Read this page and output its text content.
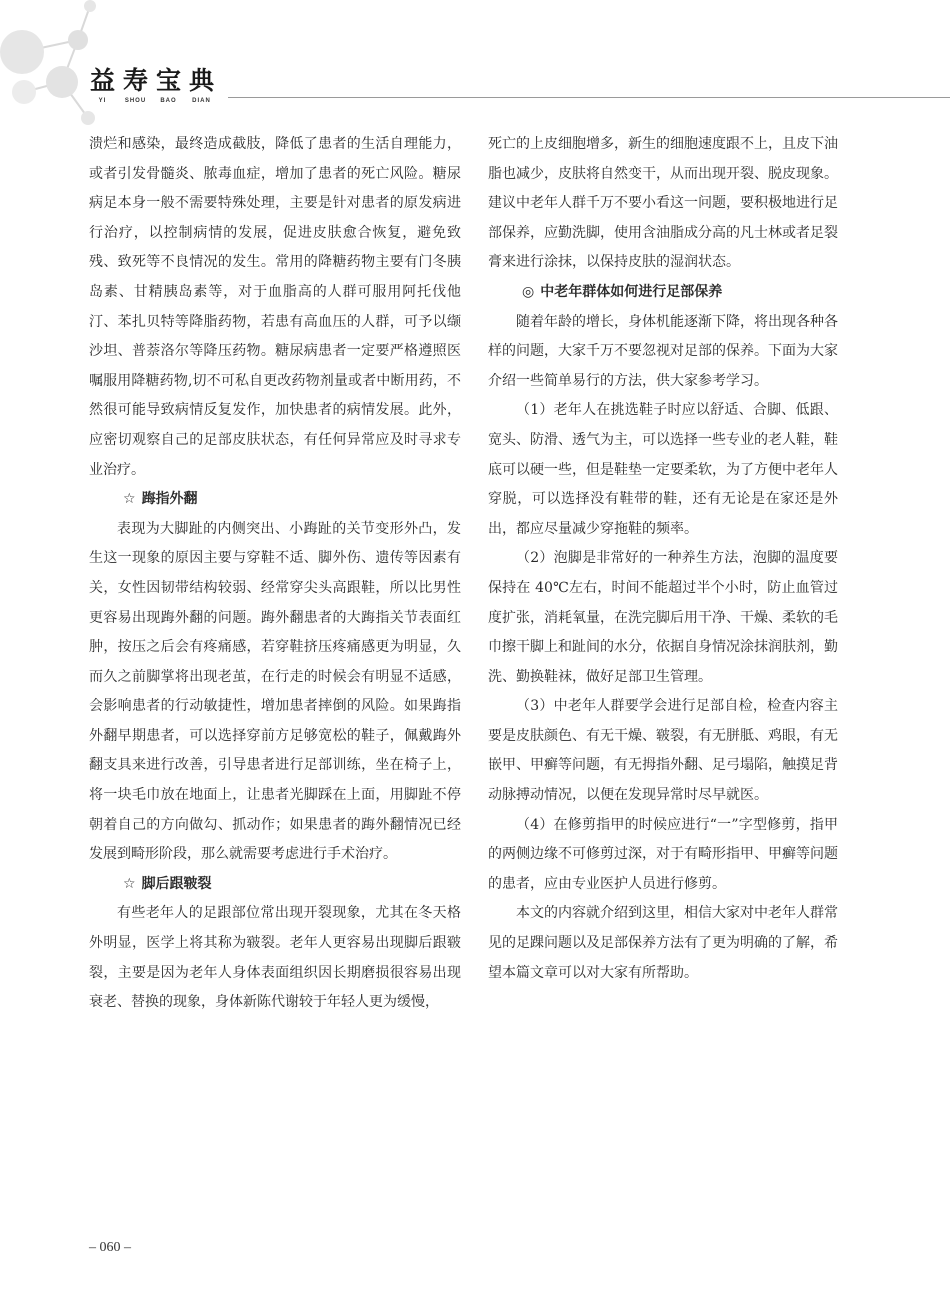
益 寿 宝 典
YI	SHOU	BAO	DIAN

溃烂和感染，最终造成截肢，降低了患者的生活自理能力，或者引发骨髓炎、脓毒血症，增加了患者的死亡风险。糖尿病足本身一般不需要特殊处理，主要是针对患者的原发病进行治疗，以控制病情的发展，促进皮肤愈合恢复，避免致残、致死等不良情况的发生。常用的降糖药物主要有门冬胰岛素、甘精胰岛素等，对于血脂高的人群可服用阿托伐他汀、苯扎贝特等降脂药物，若患有高血压的人群，可予以缬沙坦、普萘洛尔等降压药物。糖尿病患者一定要严格遵照医嘱服用降糖药物,切不可私自更改药物剂量或者中断用药，不然很可能导致病情反复发作，加快患者的病情发展。此外，应密切观察自己的足部皮肤状态，有任何异常应及时寻求专业治疗。

☆ 踇指外翻

表现为大脚趾的内侧突出、小踇趾的关节变形外凸，发生这一现象的原因主要与穿鞋不适、脚外伤、遗传等因素有关，女性因韧带结构较弱、经常穿尖头高跟鞋，所以比男性更容易出现踇外翻的问题。踇外翻患者的大踇指关节表面红肿，按压之后会有疼痛感，若穿鞋挤压疼痛感更为明显，久而久之前脚掌将出现老茧，在行走的时候会有明显不适感，会影响患者的行动敏捷性，增加患者摔倒的风险。如果踇指外翻早期患者，可以选择穿前方足够宽松的鞋子，佩戴踇外翻支具来进行改善，引导患者进行足部训练，坐在椅子上，将一块毛巾放在地面上，让患者光脚踩在上面，用脚趾不停朝着自己的方向做勾、抓动作；如果患者的踇外翻情况已经发展到畸形阶段，那么就需要考虑进行手术治疗。

☆ 脚后跟皲裂

有些老年人的足跟部位常出现开裂现象，尤其在冬天格外明显，医学上将其称为皲裂。老年人更容易出现脚后跟皲裂，主要是因为老年人身体表面组织因长期磨损很容易出现衰老、替换的现象，身体新陈代谢较于年轻人更为缓慢，

死亡的上皮细胞增多，新生的细胞速度跟不上，且皮下油脂也减少，皮肤将自然变干，从而出现开裂、脱皮现象。建议中老年人群千万不要小看这一问题，要积极地进行足部保养，应勤洗脚，使用含油脂成分高的凡士林或者足裂膏来进行涂抹，以保持皮肤的湿润状态。

◎ 中老年群体如何进行足部保养

随着年龄的增长，身体机能逐渐下降，将出现各种各样的问题，大家千万不要忽视对足部的保养。下面为大家介绍一些简单易行的方法，供大家参考学习。

（1）老年人在挑选鞋子时应以舒适、合脚、低跟、宽头、防滑、透气为主，可以选择一些专业的老人鞋，鞋底可以硬一些，但是鞋垫一定要柔软，为了方便中老年人穿脱，可以选择没有鞋带的鞋，还有无论是在家还是外出，都应尽量减少穿拖鞋的频率。

（2）泡脚是非常好的一种养生方法，泡脚的温度要保持在 40℃左右，时间不能超过半个小时，防止血管过度扩张，消耗氧量，在洗完脚后用干净、干燥、柔软的毛巾擦干脚上和趾间的水分，依据自身情况涂抹润肤剂，勤洗、勤换鞋袜，做好足部卫生管理。

（3）中老年人群要学会进行足部自检，检查内容主要是皮肤颜色、有无干燥、皲裂，有无胼胝、鸡眼，有无嵌甲、甲癣等问题，有无拇指外翻、足弓塌陷，触摸足背动脉搏动情况，以便在发现异常时尽早就医。

（4）在修剪指甲的时候应进行“一”字型修剪，指甲的两侧边缘不可修剪过深，对于有畸形指甲、甲癣等问题的患者，应由专业医护人员进行修剪。

本文的内容就介绍到这里，相信大家对中老年人群常见的足踝问题以及足部保养方法有了更为明确的了解，希望本篇文章可以对大家有所帮助。

– 060 –
